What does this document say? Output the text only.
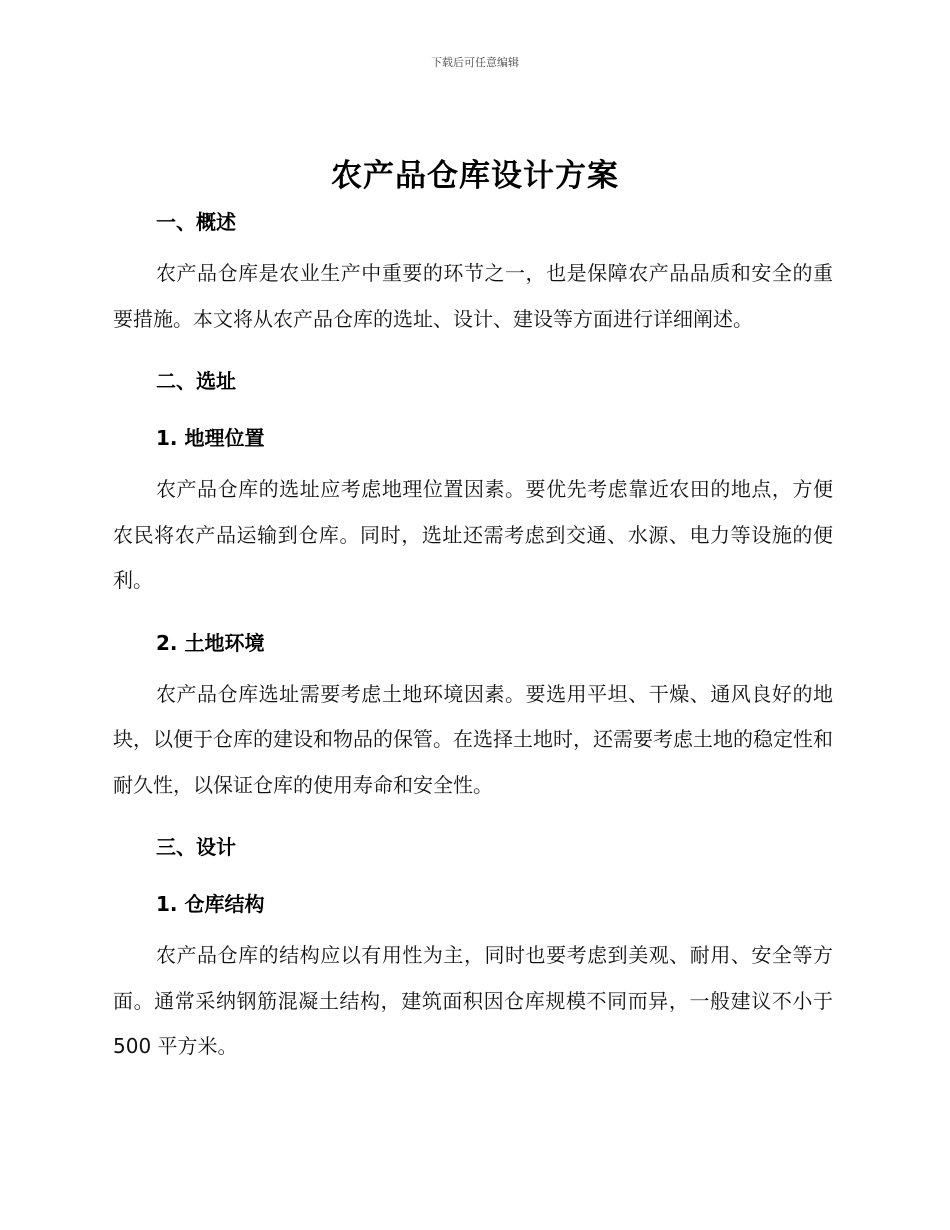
下载后可任意编辑
农产品仓库设计方案
一、概述

农产品仓库是农业生产中重要的环节之一，也是保障农产品品质和安全的重要措施。本文将从农产品仓库的选址、设计、建设等方面进行详细阐述。

二、选址
1. 地理位置

农产品仓库的选址应考虑地理位置因素。要优先考虑靠近农田的地点，方便农民将农产品运输到仓库。同时，选址还需考虑到交通、水源、电力等设施的便利。

2. 土地环境

农产品仓库选址需要考虑土地环境因素。要选用平坦、干燥、通风良好的地块，以便于仓库的建设和物品的保管。在选择土地时，还需要考虑土地的稳定性和耐久性，以保证仓库的使用寿命和安全性。

三、设计
1. 仓库结构

农产品仓库的结构应以有用性为主，同时也要考虑到美观、耐用、安全等方面。通常采纳钢筋混凝土结构，建筑面积因仓库规模不同而异，一般建议不小于 500 平方米。
